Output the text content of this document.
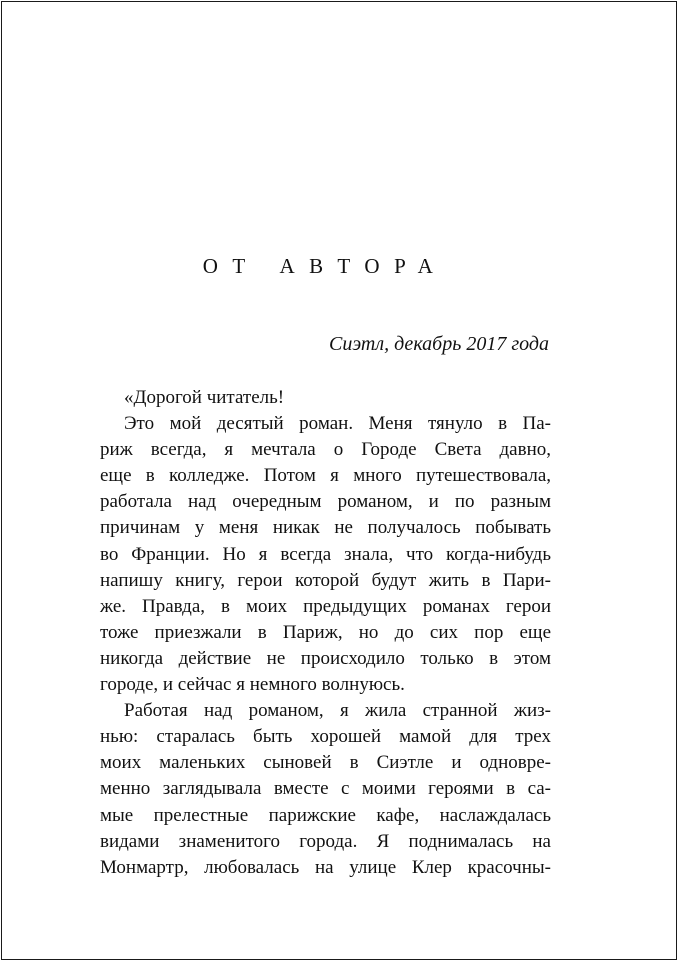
ОТ АВТОРА
Сиэтл, декабрь 2017 года
«Дорогой читатель!
Это мой десятый роман. Меня тянуло в Па-
риж всегда, я мечтала о Городе Света давно,
еще в колледже. Потом я много путешествовала,
работала над очередным романом, и по разным
причинам у меня никак не получалось побывать
во Франции. Но я всегда знала, что когда-нибудь
напишу книгу, герои которой будут жить в Пари-
же. Правда, в моих предыдущих романах герои
тоже приезжали в Париж, но до сих пор еще
никогда действие не происходило только в этом
городе, и сейчас я немного волнуюсь.
Работая над романом, я жила странной жиз-
нью: старалась быть хорошей мамой для трех
моих маленьких сыновей в Сиэтле и одновре-
менно заглядывала вместе с моими героями в са-
мые прелестные парижские кафе, наслаждалась
видами знаменитого города. Я поднималась на
Монмартр, любовалась на улице Клер красочны-
